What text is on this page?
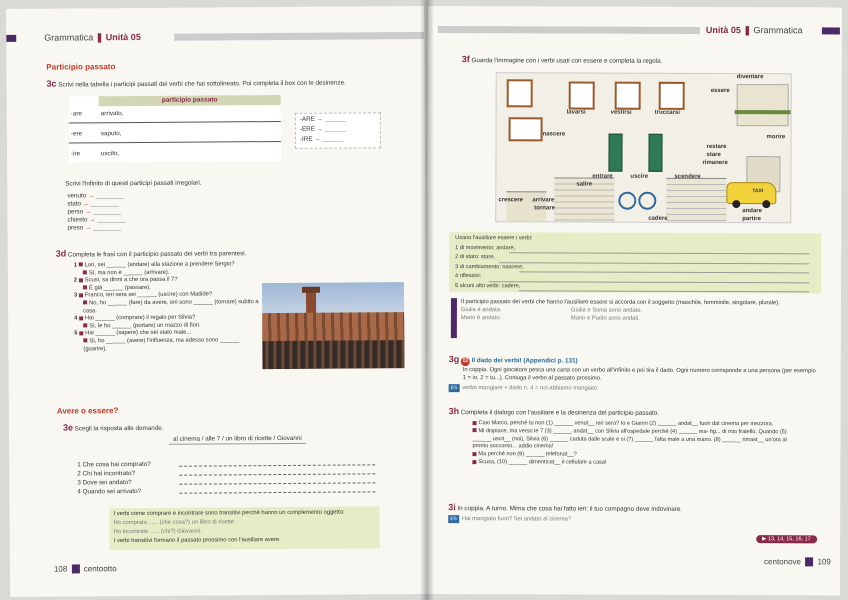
Grammatica ❚ Unità 05
Participio passato
3c Scrivi nella tabella i participi passati dei verbi che hai sottolineato. Poi completa il box con le desinenze.
participio passato
-are	arrivato,
-ere	saputo,
-ire	uscito,
-ARE → ______
-ERE → ______
-IRE → ______
Scrivi l'infinito di questi participi passati irregolari.
venuto → ________
stato → ________
perso → ________
chiesto → ________
preso → ________
3d Completa le frasi con il participio passato dei verbi tra parentesi.
1 Lori, sei ______ (andare) alla stazione a prendere Sergio?
Sì, ma non è ______ (arrivare).
2 Scusi, sa dirmi a che ora passa il 7?
È già ______ (passare).
3 Franco, ieri sera sei ______ (uscire) con Matilde?
No, ho ______ (fare) da avere, ieri sono ______ (tornare) subito a casa.
4 Hai ______ (comprare) il regalo per Silvia?
Sì, le ho ______ (portare) un mazzo di fiori.
5 Hai ______ (sapere) che sei stato male...
Sì, ho ______ (avere) l'influenza, ma adesso sono ______ (guarire).
Avere o essere?
3e Scegli la risposta alle domande.
al cinema / alle 7 / un libro di ricette / Giovanni
1 Che cosa hai comprato?
2 Chi hai incontrato?
3 Dove sei andato?
4 Quando sei arrivato?
I verbi come comprare e incontrare sono transitivi perché hanno un complemento oggetto:
Ho comprato ...... (che cosa?) un libro di ricette.
Ho incontrato ...... (chi?) Giovanni.
I verbi transitivi formano il passato prossimo con l'ausiliare avere.
108 centootto
Unità 05 ❚ Grammatica
3f Guarda l'immagine con i verbi usati con essere e completa la regola.
lavarsi	vestirsi	truccarsi
diventare
essere
nascere	morire
restare
stare
rimanere
entrare	uscire
salire
scendere
crescere arrivare
tornare
cadere
andare
partire
TAXI
Usano l'ausiliare essere i verbi:
1 di movimento: andare,
2 di stato: stare,
3 di cambiamento: nascere,
4 riflessivi:
5 alcuni altri verbi: cadere,
Il participio passato dei verbi che hanno l'ausiliare essere si accorda con il soggetto (maschile, femminile, singolare, plurale).
Giulia è andata.	Giulia e Sonia sono andate.
Mario è andato.	Mario e Paolo sono andati.
3g ⚄ Il dado dei verbi! (Appendici p. 131)
In coppia. Ogni giocatore pesca una carta con un verbo all'infinito e poi tira il dado. Ogni numero corrisponde a una persona (per esempio 1 = io, 2 = tu...). Coniuga il verbo al passato prossimo.
ES verbo mangiare + dado n. 4 = noi abbiamo mangiato
3h Completa il dialogo con l'ausiliare e la desinenza del participio passato.
Ciao Marco, perché tu non (1) ______ venut__ ieri sera? Io e Gianni (2) ______ andat__ fuori dal cinema per mezzora.
Mi dispiace, ma verso le 7 (3) ______ andat__ con Silvia all'ospedale perché (4) ______ ma- fig... di mio fratello. Quando (5) ______ uscit__ (noi), Silvia (6) ______ caduta dalle scale e si (7) ______ fatta male a una mano. (8) ______ rimast__ un'ora al pronto soccorso... addio cinema!
Ma perché non (9) ______ telefonat__?
Scusa, (10) ______ dimenticat__ il cellulare a casa!
3i In coppia. A turno. Mima che cosa hai fatto ieri: il tuo compagno deve indovinare.
ES Hai mangiato fuori? Sei andato al cinema?
▶ 13, 14, 15, 16, 17
centonove 109
